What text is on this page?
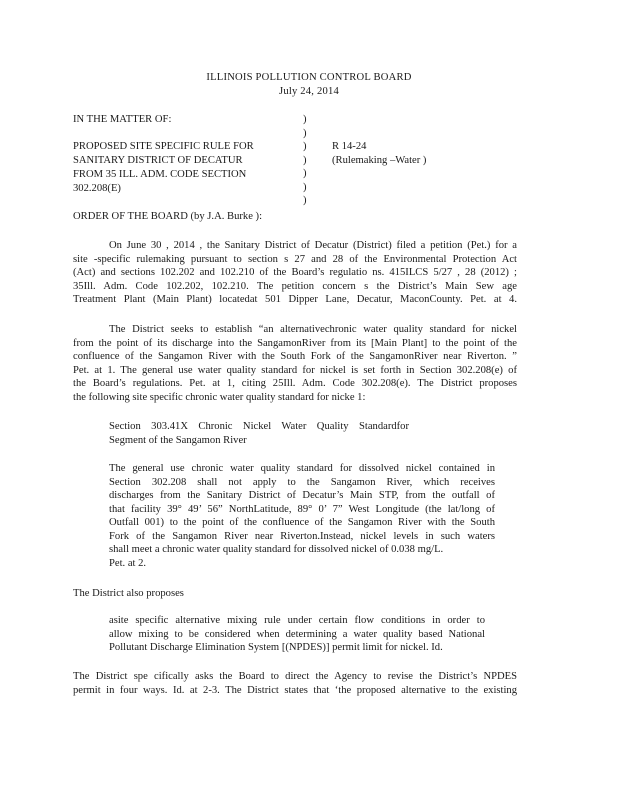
ILLINOIS POLLUTION CONTROL BOARD
July 24, 2014
IN THE MATTER OF:	)
)
)
)
)
)
)
PROPOSED SITE SPECIFIC RULE FOR
SANITARY DISTRICT OF DECATUR
FROM 35 ILL. ADM. CODE SECTION
302.208(E)
R 14-24
(Rulemaking –Water )
ORDER OF THE BOARD (by J.A. Burke ):
On June 30 , 2014 , the Sanitary District of Decatur (District) filed a petition (Pet.) for a
site -specific rulemaking pursuant to section s 27 and 28 of the Environmental Protection Act
(Act) and sections 102.202 and 102.210 of the Board’s regulatio ns. 415ILCS 5/27 , 28 (2012) ;
35Ill. Adm. Code 102.202, 102.210. The petition concern s the District’s Main Sew age
Treatment Plant (Main Plant) locatedat 501 Dipper Lane, Decatur, MaconCounty. Pet. at 4.
The District seeks to establish “an alternativechronic water quality standard for nickel
from the point of its discharge into the SangamonRiver from its [Main Plant] to the point of the
confluence of the Sangamon River with the South Fork of the SangamonRiver near Riverton. ”
Pet. at 1. The general use water quality standard for nickel is set forth in Section 302.208(e) of
the Board’s regulations. Pet. at 1, citing 25Ill. Adm. Code 302.208(e). The District proposes
the following site specific chronic water quality standard for nicke 1:
Section 303.41X Chronic Nickel Water Quality Standardfor
Segment of the Sangamon River
The general use chronic water quality standard for dissolved nickel contained in
Section 302.208 shall not apply to the Sangamon River, which receives
discharges from the Sanitary District of Decatur’s Main STP, from the outfall of
that facility 39° 49’ 56” NorthLatitude, 89° 0’ 7” West Longitude (the lat/long of
Outfall 001) to the point of the confluence of the Sangamon River with the South
Fork of the Sangamon River near Riverton.Instead, nickel levels in such waters
shall meet a chronic water quality standard for dissolved nickel of 0.038 mg/L.
Pet. at 2.
The District also proposes
asite specific alternative mixing rule under certain flow conditions in order to
allow mixing to be considered when determining a water quality based National
Pollutant Discharge Elimination System [(NPDES)] permit limit for nickel. Id.
The District spe cifically asks the Board to direct the Agency to revise the District’s NPDES
permit in four ways. Id. at 2-3. The District states that ‘the proposed alternative to the existing
